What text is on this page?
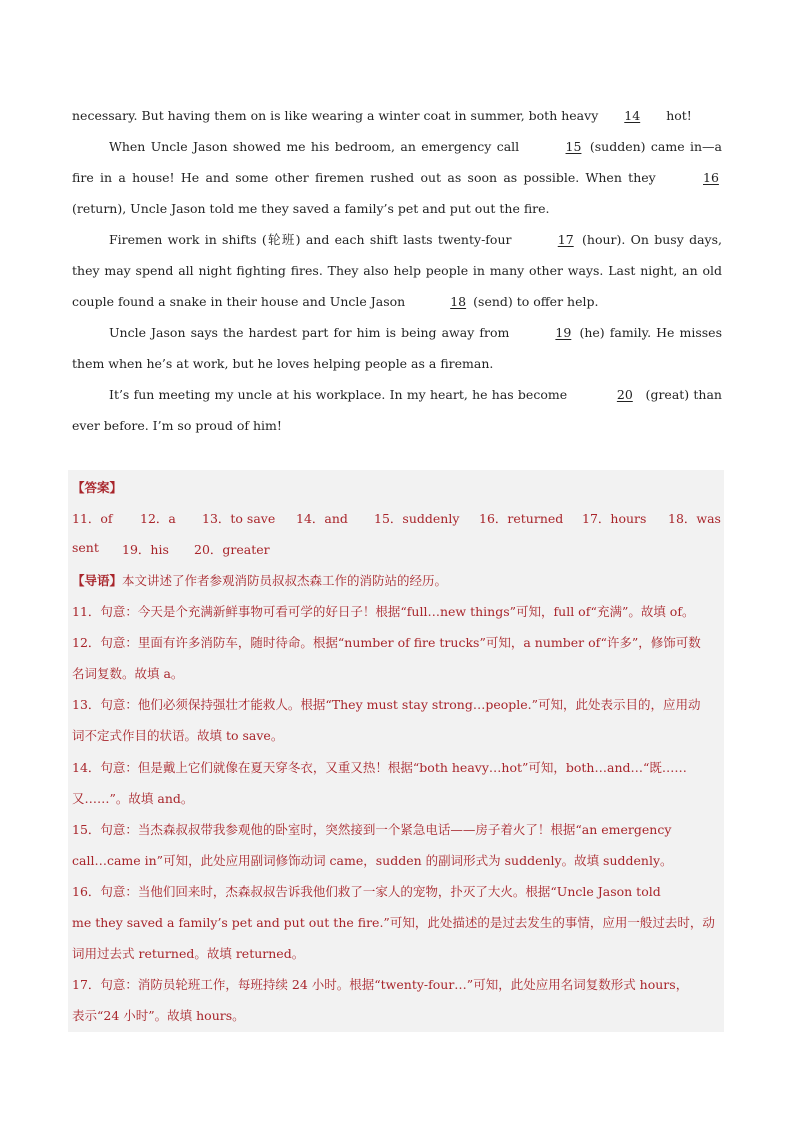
necessary. But having them on is like wearing a winter coat in summer, both heavy 14 hot!

When Uncle Jason showed me his bedroom, an emergency call	15 (sudden) came in—a fire in a house! He and some other firemen rushed out as soon as possible. When they	16 (return), Uncle Jason told me they saved a family’s pet and put out the fire.

Firemen work in shifts (轮班) and each shift lasts twenty-four	17 (hour). On busy days, they may spend all night fighting fires. They also help people in many other ways. Last night, an old couple found a snake in their house and Uncle Jason	18 (send) to offer help.

Uncle Jason says the hardest part for him is being away from	19 (he) family. He misses them when he’s at work, but he loves helping people as a fireman.

It’s fun meeting my uncle at his workplace. In my heart, he has become	20 (great) than ever before. I’m so proud of him!

【答案】
11．of 12．a 13．to save 14．and 15．suddenly 16．returned 17．hours 18．was
sent 19．his 20．greater
【导语】本文讲述了作者参观消防员叔叔杰森工作的消防站的经历。
11．句意：今天是个充满新鲜事物可看可学的好日子！根据“full…new things”可知，full of“充满”。故填 of。
12．句意：里面有许多消防车，随时待命。根据“number of fire trucks”可知，a number of“许多”，修饰可数
名词复数。故填 a。
13．句意：他们必须保持强壮才能救人。根据“They must stay strong…people.”可知，此处表示目的，应用动
词不定式作目的状语。故填 to save。
14．句意：但是戴上它们就像在夏天穿冬衣，又重又热！根据“both heavy…hot”可知，both…and…“既……
又……”。故填 and。
15．句意：当杰森叔叔带我参观他的卧室时，突然接到一个紧急电话——房子着火了！根据“an emergency
call…came in”可知，此处应用副词修饰动词 came，sudden 的副词形式为 suddenly。故填 suddenly。
16．句意：当他们回来时，杰森叔叔告诉我他们救了一家人的宠物，扑灭了大火。根据“Uncle Jason told
me they saved a family’s pet and put out the fire.”可知，此处描述的是过去发生的事情，应用一般过去时，动
词用过去式 returned。故填 returned。
17．句意：消防员轮班工作，每班持续 24 小时。根据“twenty-four…”可知，此处应用名词复数形式 hours，
表示“24 小时”。故填 hours。
